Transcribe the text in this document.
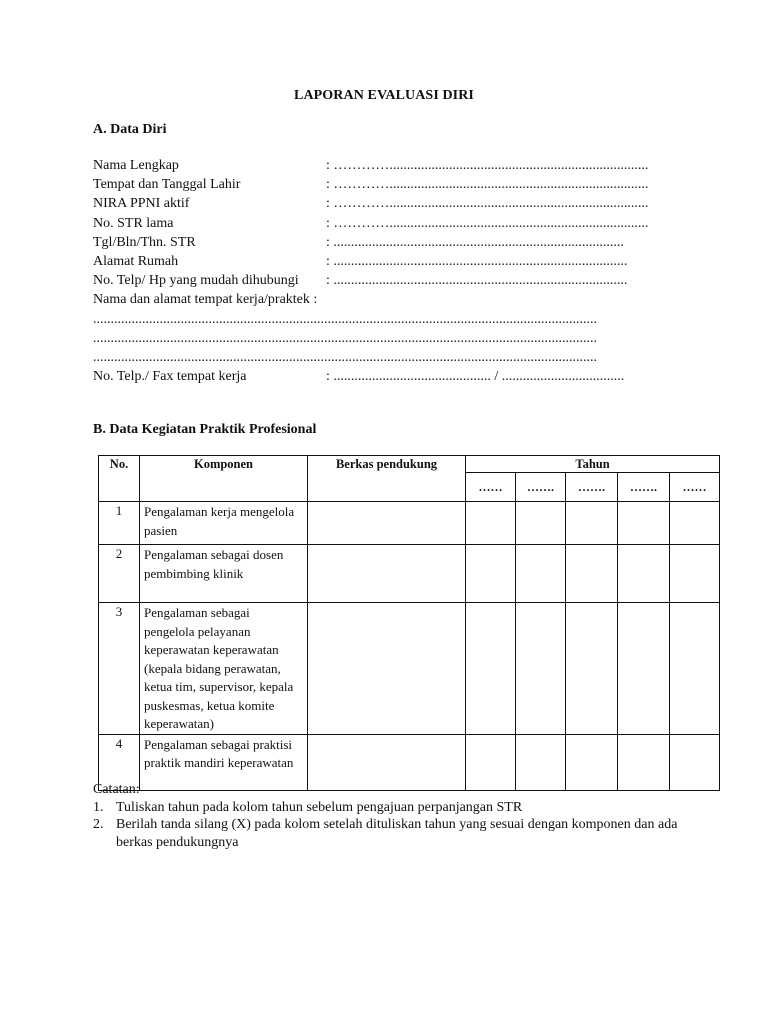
LAPORAN EVALUASI DIRI
A. Data Diri
Nama Lengkap	: …………..........................................................................
Tempat dan Tanggal Lahir	: …………..........................................................................
NIRA PPNI aktif	: …………..........................................................................
No. STR lama	: …………..........................................................................
Tgl/Bln/Thn. STR	: ...................................................................................
Alamat Rumah	: ....................................................................................
No. Telp/ Hp yang mudah dihubungi : ....................................................................................
Nama dan alamat tempat kerja/praktek :
................................................................................................................................................
................................................................................................................................................
................................................................................................................................................
No. Telp./ Fax tempat kerja	: ............................................. / ...................................
B. Data Kegiatan Praktik Profesional
No.	Komponen	Berkas pendukung	Tahun				
			……	…….	…….	…….	……
1	Pengalaman kerja mengelola pasien						
2	Pengalaman sebagai dosen pembimbing klinik						
3	Pengalaman sebagai pengelola pelayanan keperawatan keperawatan (kepala bidang perawatan, ketua tim, supervisor, kepala puskesmas, ketua komite keperawatan)						
4	Pengalaman sebagai praktisi praktik mandiri keperawatan						
Catatan:
1. Tuliskan tahun pada kolom tahun sebelum pengajuan perpanjangan STR
2. Berilah tanda silang (X) pada kolom setelah dituliskan tahun yang sesuai dengan komponen dan ada berkas pendukungnya
